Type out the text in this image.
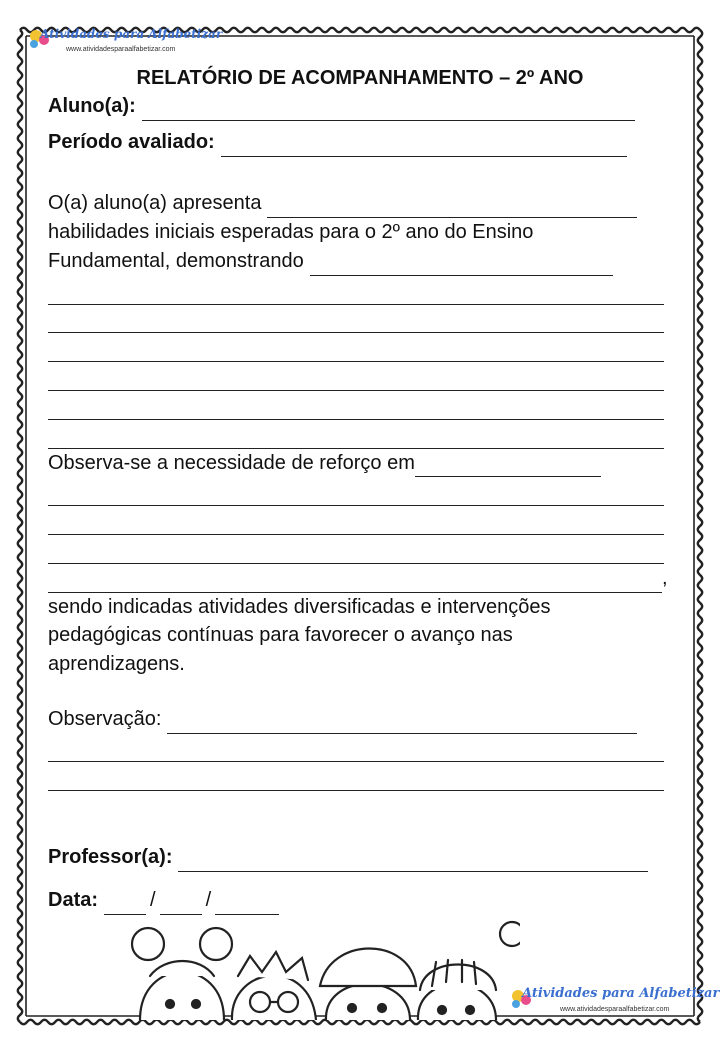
Atividades para Alfabetizar
www.atividadesparaalfabetizar.com
RELATÓRIO DE ACOMPANHAMENTO – 2º ANO
Aluno(a):
Período avaliado:
O(a) aluno(a) apresenta
habilidades iniciais esperadas para o 2º ano do Ensino
Fundamental, demonstrando
Observa-se a necessidade de reforço em
,
sendo indicadas atividades diversificadas e intervenções
pedagógicas contínuas para favorecer o avanço nas
aprendizagens.
Observação:
Professor(a):
Data:	/	/
Atividades para Alfabetizar
www.atividadesparaalfabetizar.com
